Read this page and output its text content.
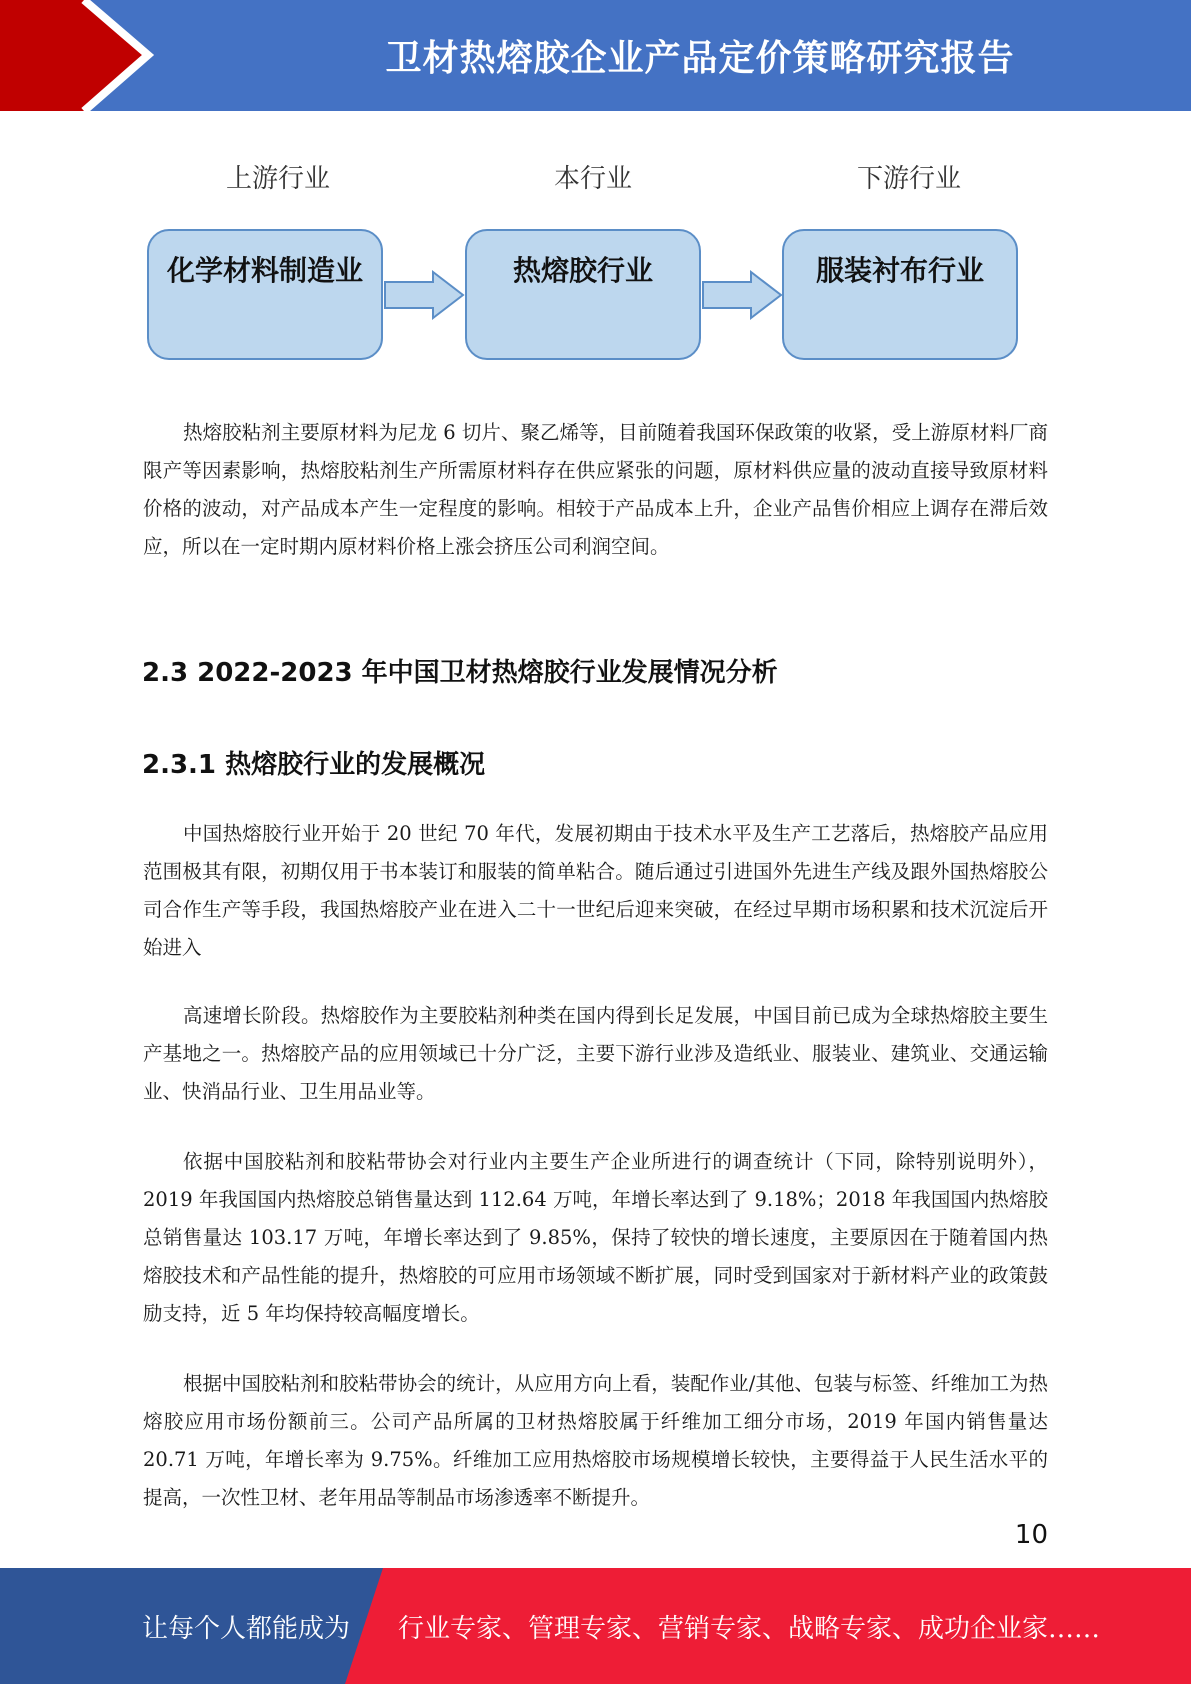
卫材热熔胶企业产品定价策略研究报告
上游行业	本行业	下游行业
化学材料制造业	热熔胶行业	服装衬布行业

热熔胶粘剂主要原材料为尼龙 6 切片、聚乙烯等，目前随着我国环保政策的收紧，受上游原材料厂商限产等因素影响，热熔胶粘剂生产所需原材料存在供应紧张的问题，原材料供应量的波动直接导致原材料价格的波动，对产品成本产生一定程度的影响。相较于产品成本上升，企业产品售价相应上调存在滞后效应，所以在一定时期内原材料价格上涨会挤压公司利润空间。

2.3 2022-2023 年中国卫材热熔胶行业发展情况分析
2.3.1 热熔胶行业的发展概况

中国热熔胶行业开始于 20 世纪 70 年代，发展初期由于技术水平及生产工艺落后，热熔胶产品应用范围极其有限，初期仅用于书本装订和服装的简单粘合。随后通过引进国外先进生产线及跟外国热熔胶公司合作生产等手段，我国热熔胶产业在进入二十一世纪后迎来突破，在经过早期市场积累和技术沉淀后开始进入

高速增长阶段。热熔胶作为主要胶粘剂种类在国内得到长足发展，中国目前已成为全球热熔胶主要生产基地之一。热熔胶产品的应用领域已十分广泛，主要下游行业涉及造纸业、服装业、建筑业、交通运输业、快消品行业、卫生用品业等。

依据中国胶粘剂和胶粘带协会对行业内主要生产企业所进行的调查统计（下同，除特别说明外），2019 年我国国内热熔胶总销售量达到 112.64 万吨，年增长率达到了 9.18%；2018 年我国国内热熔胶总销售量达 103.17 万吨，年增长率达到了 9.85%，保持了较快的增长速度，主要原因在于随着国内热熔胶技术和产品性能的提升，热熔胶的可应用市场领域不断扩展，同时受到国家对于新材料产业的政策鼓励支持，近 5 年均保持较高幅度增长。

根据中国胶粘剂和胶粘带协会的统计，从应用方向上看，装配作业/其他、包装与标签、纤维加工为热熔胶应用市场份额前三。公司产品所属的卫材热熔胶属于纤维加工细分市场，2019 年国内销售量达 20.71 万吨，年增长率为 9.75%。纤维加工应用热熔胶市场规模增长较快，主要得益于人民生活水平的提高，一次性卫材、老年用品等制品市场渗透率不断提升。

10
让每个人都能成为 行业专家、管理专家、营销专家、战略专家、成功企业家……
